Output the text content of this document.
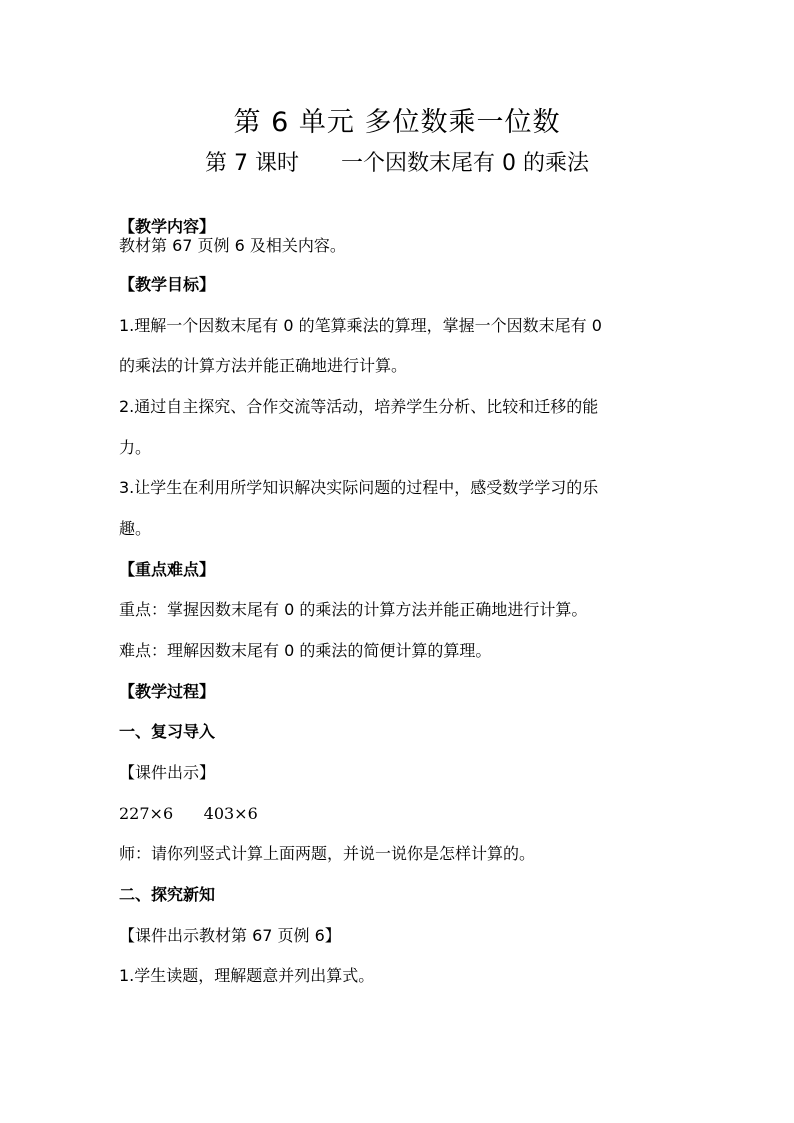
第 6 单元 多位数乘一位数
第 7 课时      一个因数末尾有 0 的乘法
【教学内容】
教材第 67 页例 6 及相关内容。
【教学目标】
1.理解一个因数末尾有 0 的笔算乘法的算理，掌握一个因数末尾有 0
的乘法的计算方法并能正确地进行计算。
2.通过自主探究、合作交流等活动，培养学生分析、比较和迁移的能
力。
3.让学生在利用所学知识解决实际问题的过程中，感受数学学习的乐
趣。
【重点难点】
重点：掌握因数末尾有 0 的乘法的计算方法并能正确地进行计算。
难点：理解因数末尾有 0 的乘法的简便计算的算理。
【教学过程】
一、复习导入
【课件出示】
227×6      403×6
师：请你列竖式计算上面两题，并说一说你是怎样计算的。
二、探究新知
【课件出示教材第 67 页例 6】
1.学生读题，理解题意并列出算式。
